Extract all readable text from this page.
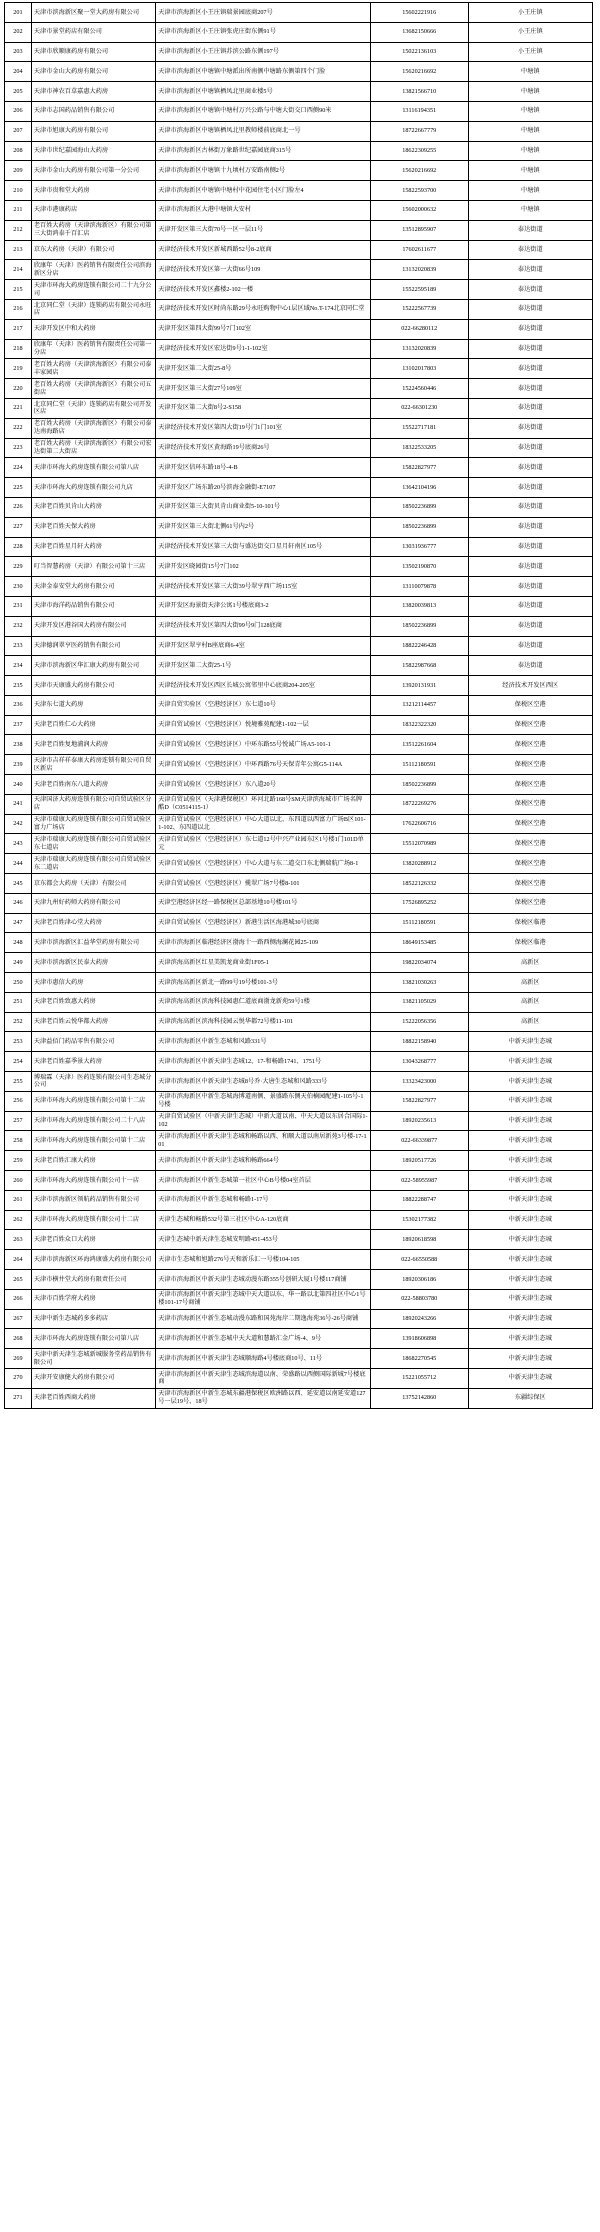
201	天津市滨海新区聚一堂大药房有限公司	天津市滨海新区小王庄镇瑞景园底商207号	15602221916	小王庄镇
202	天津市景堂药店有限公司	天津市滨海新区小王庄镇张虎庄街东侧91号	13682150666	小王庄镇
203	天津市欣顺康药房有限公司	天津市滨海新区小王庄镇苏滨公路东侧197号	15022136103	小王庄镇
204	天津市金山大药房有限公司	天津市滨海新区中塘镇中塘派出所南侧中塘路东侧第四个门脸	15620216692	中塘镇
205	天津市神农百草嘉惠大药房	天津市滨海新区中塘镇栖凤北里商业楼5号	13821566710	中塘镇
206	天津市志国药品销售有限公司	天津市滨海新区中塘镇中塘村万兴公路与中塘大街交口西侧90米	13116194351	中塘镇
207	天津市旭康大药房有限公司	天津市滨海新区中塘镇栖凤北里教师楼前底商北一号	18722667779	中塘镇
208	天津市世纪嘉园海山大药房	天津市滨海新区古林街万象路世纪嘉园底商315号	18622309255	中塘镇
209	天津市金山大药房有限公司第一分公司	天津市滨海新区中塘镇十九顷村万安路南侧2号	15620216692	中塘镇
210	天津市贵和堂大药房	天津市滨海新区中塘镇中塘村中花园住宅小区门脸左4	15822593700	中塘镇
211	天津市港康药店	天津市滨海新区大港中塘镇大安村	15602000632	中塘镇
212	老百姓大药房（天津滨海新区）有限公司第三大街鸿泰千百汇店	天津开发区第三大街70号一区一层11号	13512895907	泰达街道
213	京东大药房（天津）有限公司	天津经济技术开发区新城西路52号8-2底商	17602611677	泰达街道
214	欣康年（天津）医药销售有限责任公司滨海新区分店	天津经济技术开发区第一大街66号109	13132020839	泰达街道
215	天津市环海大药房连锁有限公司二十九分公司	天津经济技术开发区鑫楼2-102一楼	15522595189	泰达街道
216	北京同仁堂（天津）连锁药店有限公司永旺店	天津经济技术开发区时尚东路29号永旺购物中心1层区域No.T-174北京同仁堂	15222567739	泰达街道
217	天津开发区中和大药房	天津开发区第四大街99号7门102室	022-66280112	泰达街道
218	欣康年（天津）医药销售有限责任公司第一分店	天津经济技术开发区宏达街9号1-1-102室	13132020839	泰达街道
219	老百姓大药房（天津滨海新区）有限公司泰丰家园店	天津开发区第二大街25-8号	13102017803	泰达街道
220	老百姓大药房（天津滨海新区）有限公司五街店	天津开发区第三大街27号109室	15224560446	泰达街道
221	北京同仁堂（天津）连锁药店有限公司开发区店	天津开发区第二大街8号2-S158	022-66301230	泰达街道
222	老百姓大药房（天津滨海新区）有限公司泰达南海路店	天津经济技术开发区第四大街19号门1门101室	15522717181	泰达街道
223	老百姓大药房（天津滨海新区）有限公司宏达街第二大街店	天津经济技术开发区黄海路19号底商26号	18322533205	泰达街道
224	天津市环海大药房连锁有限公司第八店	天津开发区信环东路18号-4-B	15822827977	泰达街道
225	天津市环海大药房连锁有限公司九店	天津开发区广场东路20号滨海金融街-E7107	13642104196	泰达街道
226	天津老百姓贝肯山大药房	天津开发区第三大街贝肯山商业街5-10-101号	18502236899	泰达街道
227	天津老百姓天保大药房	天津开发区第三大街北侧61号内2号	18502236899	泰达街道
228	天津老百姓星月轩大药房	天津经济技术开发区第三大街与盛达街交口星月轩南区105号	13031936777	泰达街道
229	叮当智慧药房（天津）有限公司第十三店	天津开发区晓园街15号7门102	13502190870	泰达街道
230	天津金泰安堂大药房有限公司	天津经济技术开发区第三大街39号翠亨西广场115室	13110079878	泰达街道
231	天津市海洋药品销售有限公司	天津开发区海景街天津公寓1号楼底商3-2	13820039813	泰达街道
232	天津开发区港谷国大药房有限公司	天津经济技术开发区第四大街99号9门128底商	18502236899	泰达街道
233	天津德润翠亨医药销售有限公司	天津开发区翠亨村B座底商6-4室	18822246428	泰达街道
234	天津市滨海新区华汇康大药房有限公司	天津开发区第二大街25-1号	15822987668	泰达街道
235	天津市天康盛大药房有限公司	天津经济技术开发区西区长城公寓邻里中心底商204-205室	13920131931	经济技术开发区西区
236	天津东七道大药房	天津自贸实验区（空港经济区）东七道10号	13212114457	保税区空港
237	天津老百姓仁心大药房	天津自贸试验区（空港经济区）悦境雅苑配建1-102一层	18322322320	保税区空港
238	天津老百姓复地浦润大药房	天津自贸试验区（空港经济区）中环东路55号悦诚广场A5-101-1	13512261604	保税区空港
239	天津市吉祥祥泰康大药房连锁有限公司自贸区新店	天津自贸试验区（空港经济区）中环西路76号天保青年公寓G5-114A	15112180591	保税区空港
240	天津老百姓南东八道大药房	天津自贸试验区（空港经济区）东八道20号	18502236899	保税区空港
241	天津国济大药房连锁有限公司自贸试验区分店	天津自贸试验区（天津港保税区）环河北路168号SM天津滨海城市广场名牌酷D（C0514115-1）	18722269276	保税区空港
242	天津市瑞康大药房连锁有限公司自贸试验区富力广场店	天津自贸试验区（空港经济区）中心大道以北、东四道以西富力广场B区101-1-102、东四道以北	17622606716	保税区空港
243	天津市瑞康大药房连锁有限公司自贸试验区东七道店	天津自贸试验区（空港经济区）东七道12号中兴产业园东区1号楼1门101D单元	15512070989	保税区空港
244	天津市瑞康大药房连锁有限公司自贸试验区东二道店	天津自贸试验区（空港经济区）中心大道与东二道交口东北侧瑞航广场8-1	13820288912	保税区空港
245	京东都会大药房（天津）有限公司	天津自贸试验区（空港经济区）揽翠广场7号楼8-101	18522126332	保税区空港
246	天津九州好药师大药房有限公司	天津空港经济区经一路保税区总部基地10号楼101号	17526895252	保税区空港
247	天津老百姓津心堂大药房	天津自贸试验区（空港经济区）新港生活区海港城30号底商	15112180591	保税区临港
248	天津市滨海新区汇益华堂药房有限公司	天津市滨海新区临港经济区渤海十一路西侧海澜花园25-109	18649153485	保税区临港
249	天津市滨海新区民泰大药房	天津滨海高新区红星美凯龙商业街1F05-1	19822034074	高新区
250	天津市惠信大药房	天津滨海高新区新北一路99号19号楼101-3号	13821030263	高新区
251	天津老百姓致惠大药房	天津滨海高新区滨海科技园惠仁道底商渤龙新苑59号1楼	13821105029	高新区
252	天津老百姓云悦华都大药房	天津滨海高新区滨海科技园云悦华都72号楼11-101	15222056356	高新区
253	天津益佰门药品零售有限公司	天津市滨海新区中新生态城和风路331号	18822158940	中新天津生态城
254	天津老百姓嘉季景大药房	天津市滨海新区中新天津生态城12、17-和畅路1741、1751号	13043268777	中新天津生态城
255	博瑞霖（天津）医药连锁有限公司生态城分公司	天津市滨海新区中新天津生态城8号乔·大唐生态城和风路333号	13323423000	中新天津生态城
256	天津市环海大药房连锁有限公司第十二店	天津市滨海新区中新生态城海博道南侧、景盛路东侧天伯楠园配建1-105号-1号楼	15822827977	中新天津生态城
257	天津市环海大药房连锁有限公司二十八店	天津自贸试验区（中新天津生态城）中新大道以南、中天大道以东居合国际1-102	18920235613	中新天津生态城
258	天津市环海大药房连锁有限公司第十二店	天津市滨海新区中新天津生态城和畅路以西、和顺大道以南居新苑3号楼-17-101	022-66339877	中新天津生态城
259	天津老百姓汇康大药房	天津市滨海新区中新天津生态城和畅路664号	18920517726	中新天津生态城
260	天津市环海大药房连锁有限公司十一店	天津市滨海新区中新生态城第一社区中心B号楼04室首层	022-58955987	中新天津生态城
261	天津市滨海新区领航药品销售有限公司	天津市滨海新区中新生态城和畅路1-17号	18822288747	中新天津生态城
262	天津市环海大药房连锁有限公司十二店	天津生态城和畅路532号第三社区中心A-120底商	15302177382	中新天津生态城
263	天津老百姓众口大药房	天津生态城中新天津生态城安明路451-453号	18920618598	中新天津生态城
264	天津市滨海新区环海鸿康盛大药房有限公司	天津市生态城和旭路276号天和新乐汇一号楼104-105	022-66550588	中新天津生态城
265	天津市横井堂大药房有限责任公司	天津市滨海新区中新天津生态城动漫东路355号创研大厦1号楼117商铺	18920306186	中新天津生态城
266	天津市百姓学府大药房	天津市滨海新区中新天津生态城中天大道以东、华一路以北第四社区中心1号楼101-17号商铺	022-58803780	中新天津生态城
267	天津中新生态城药多多药店	天津市滨海新区中新生态城动漫东路和国苑海岸二期逸海苑36号-26号商铺	18920243266	中新天津生态城
268	天津市环海大药房连锁有限公司第八店	天津市滨海新区中新生态城中天大道和慧路汇金广场-4、9号	13918606898	中新天津生态城
269	天津中新天津生态城新城服务堂药品销售有限公司	天津市滨海新区中新天津生态城顺海路4号楼底商10号、11号	18682270545	中新天津生态城
270	天津开安康健大药房有限公司	天津市滨海新区中新天津生态城滨海道以南、荣盛路以西侧国际新城7号楼底商	15221055712	中新天津生态城
271	天津老百姓西商大药房	天津市滨海新区中新生态城东疆港保税区欧洲路以西、延安道以南延安道127号一层19号、18号	13752142860	东疆综保区
